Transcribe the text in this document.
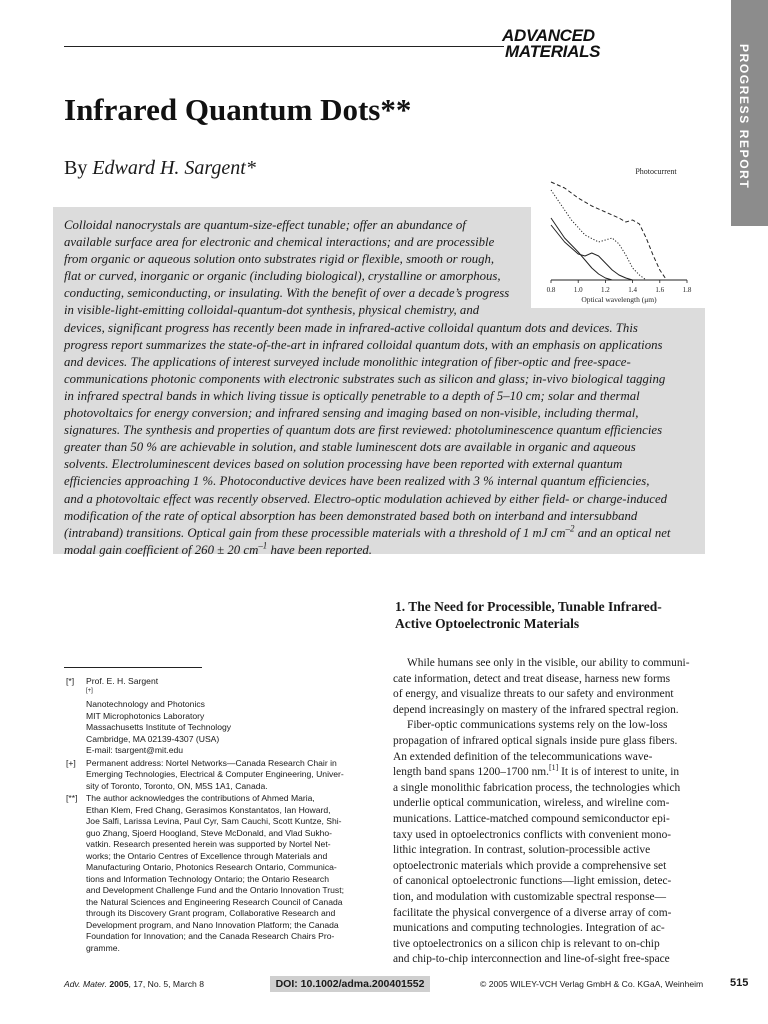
ADVANCED
MATERIALS	PROGRESS REPORT
Infrared Quantum Dots**
By Edward H. Sargent*
Colloidal nanocrystals are quantum-size-effect tunable; offer an abundance of
available surface area for electronic and chemical interactions; and are processible
from organic or aqueous solution onto substrates rigid or flexible, smooth or rough,
flat or curved, inorganic or organic (including biological), crystalline or amorphous,
conducting, semiconducting, or insulating. With the benefit of over a decade’s progress
in visible-light-emitting colloidal-quantum-dot synthesis, physical chemistry, and
devices, significant progress has recently been made in infrared-active colloidal quantum dots and devices. This
progress report summarizes the state-of-the-art in infrared colloidal quantum dots, with an emphasis on applications
and devices. The applications of interest surveyed include monolithic integration of fiber-optic and free-space-
communications photonic components with electronic substrates such as silicon and glass; in-vivo biological tagging
in infrared spectral bands in which living tissue is optically penetrable to a depth of 5–10 cm; solar and thermal
photovoltaics for energy conversion; and infrared sensing and imaging based on non-visible, including thermal,
signatures. The synthesis and properties of quantum dots are first reviewed: photoluminescence quantum efficiencies
greater than 50 % are achievable in solution, and stable luminescent dots are available in organic and aqueous
solvents. Electroluminescent devices based on solution processing have been reported with external quantum
efficiencies approaching 1 %. Photoconductive devices have been realized with 3 % internal quantum efficiencies,
and a photovoltaic effect was recently observed. Electro-optic modulation achieved by either field- or charge-induced
modification of the rate of optical absorption has been demonstrated based both on interband and intersubband
(intraband) transitions. Optical gain from these processible materials with a threshold of 1 mJ $cm^{-2}$ and an optical net
modal gain coefficient of 260 ± 20 $cm^{-1}$ have been reported.
Photocurrent
Optical wavelength (μm)
0.8	1.0	1.2	1.4	1.6	1.8
1. The Need for Processible, Tunable Infrared-
Active Optoelectronic Materials
While humans see only in the visible, our ability to communi-
cate information, detect and treat disease, harness new forms
of energy, and visualize threats to our safety and environment
depend increasingly on mastery of the infrared spectral region.
Fiber-optic communications systems rely on the low-loss
propagation of infrared optical signals inside pure glass fibers.
An extended definition of the telecommunications wave-
length band spans 1200–1700 nm.[1] It is of interest to unite, in
a single monolithic fabrication process, the technologies which
underlie optical communication, wireless, and wireline com-
munications. Lattice-matched compound semiconductor epi-
taxy used in optoelectronics conflicts with convenient mono-
lithic integration. In contrast, solution-processible active
optoelectronic materials which provide a comprehensive set
of canonical optoelectronic functions—light emission, detec-
tion, and modulation with customizable spectral response—
facilitate the physical convergence of a diverse array of com-
munications and computing technologies. Integration of ac-
tive optoelectronics on a silicon chip is relevant to on-chip
and chip-to-chip interconnection and line-of-sight free-space
[*] Prof. E. H. Sargent
[+]
Nanotechnology and Photonics
MIT Microphotonics Laboratory
Massachusetts Institute of Technology
Cambridge, MA 02139-4307 (USA)
E-mail: tsargent@mit.edu
[+] Permanent address: Nortel Networks—Canada Research Chair in
Emerging Technologies, Electrical & Computer Engineering, Univer-
sity of Toronto, Toronto, ON, M5S 1A1, Canada.
[**] The author acknowledges the contributions of Ahmed Maria,
Ethan Klem, Fred Chang, Gerasimos Konstantatos, Ian Howard,
Joe Salfi, Larissa Levina, Paul Cyr, Sam Cauchi, Scott Kuntze, Shi-
guo Zhang, Sjoerd Hoogland, Steve McDonald, and Vlad Sukho-
vatkin. Research presented herein was supported by Nortel Net-
works; the Ontario Centres of Excellence through Materials and
Manufacturing Ontario, Photonics Research Ontario, Communica-
tions and Information Technology Ontario; the Ontario Research
and Development Challenge Fund and the Ontario Innovation Trust;
the Natural Sciences and Engineering Research Council of Canada
through its Discovery Grant program, Collaborative Research and
Development program, and Nano Innovation Platform; the Canada
Foundation for Innovation; and the Canada Research Chairs Pro-
gramme.
Adv. Mater. 2005, 17, No. 5, March 8	DOI: 10.1002/adma.200401552	© 2005 WILEY-VCH Verlag GmbH & Co. KGaA, Weinheim 515
